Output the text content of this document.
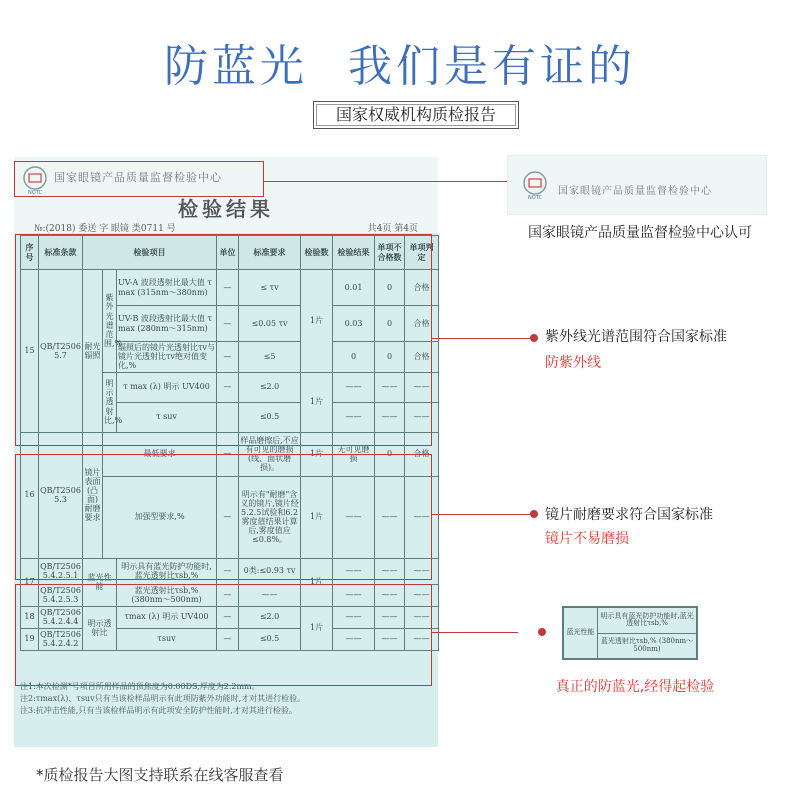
防蓝光 我们是有证的
国家权威机构质检报告
NOTC
国家眼镜产品质量监督检验中心
检验结果
№:(2018) 委送 字 眼镜 类0711 号	共4页 第4页
序号	标准条款	检验项目			单位	标准要求	检验数	检验结果	单项不合格数	单项判定
15	QB/T2506 5.7	耐光辐照	紫外光谱范围,%	UV-A 波段透射比最大值 τ max (315nm～380nm)	—	≤ τv	1片	0.01	0	合格
				UV-B 波段透射比最大值 τ max (280nm～315nm)	—	≤0.05 τv		0.03	0	合格
				辐照后的镜片光透射比τv与镜片光透射比τv绝对值变化,%	—	≤5		0	0	合格
			明示透射比,%	τ max (λ) 明示 UV400	—	≤2.0	1片	——	——	——
				τ suv		≤0.5		——	——	——
16	QB/T2506 5.3	镜片表面(凸面)耐磨要求	最低要求		—	样品磨擦后,不应有可见的磨损(线、面状磨损)。	1片	无可见磨损	0	合格
			加强型要求,%		—	明示有"耐磨"含义的镜片,镜片经5.2.5试验和6.2雾度值结果计算后,雾度值应≤0.8%。	1片	——	——	——
17	QB/T2506 5.4.2.5.1	蓝光性能		明示具有蓝光防护功能时,蓝光透射比τsb,%	—	0类:≤0.93 τv	1片	——	——	——
	QB/T2506 5.4.2.5.3			蓝光透射比τsb,% (380nm～500nm)	—	——		——	——	——
18	QB/T2506 5.4.2.4.4	明示透射比		τmax (λ) 明示 UV400	—	≤2.0	1片	——	——	——
19	QB/T2506 5.4.2.4.2			τsuv	—	≤0.5		——	——	——
注1:本次检测*号项目所用样品的顶焦度为0.00DS,厚度为2.2mm。
注2:τmax(λ)、τsuv只有当该检样品明示有此项防紫外功能时,才对其进行检验。
注3:抗冲击性能,只有当该检样品明示有此项安全防护性能时,才对其进行检验。
NOTC
国家眼镜产品质量监督检验中心
国家眼镜产品质量监督检验中心认可
紫外线光谱范围符合国家标准
防紫外线
镜片耐磨要求符合国家标准
镜片不易磨损
蓝光性能	明示具有蓝光防护功能时,蓝光透射比τsb,%
蓝光透射比τsb,% (380nm～500nm)
真正的防蓝光,经得起检验
*质检报告大图支持联系在线客服查看
